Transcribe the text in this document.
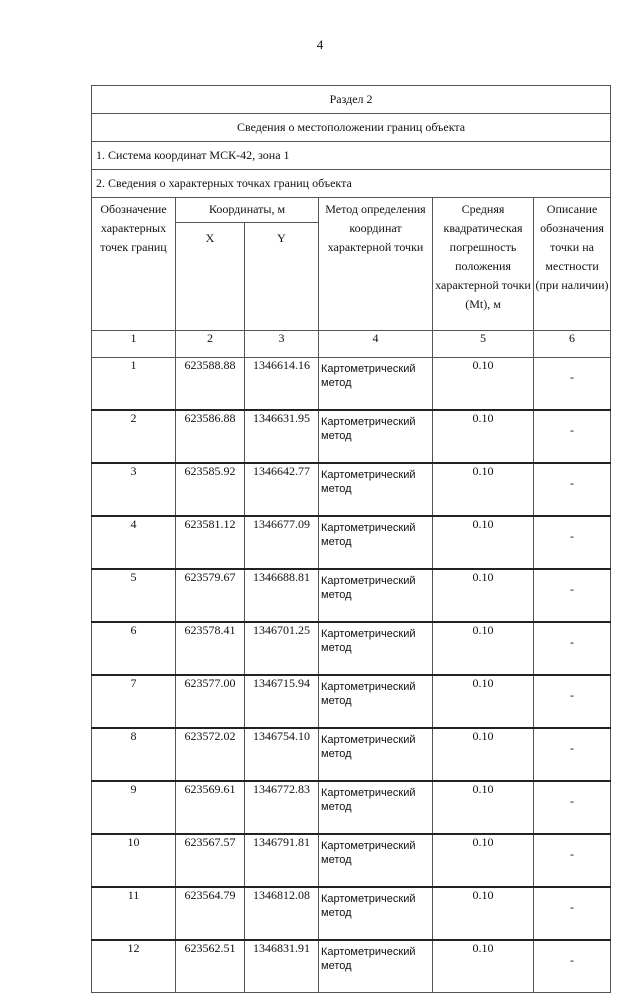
4
Раздел 2					
Сведения о местоположении границ объекта					
1. Система координат МСК-42, зона 1					
2. Сведения о характерных точках границ объекта					
Обозначение характерных точек границ	Координаты, м		Метод определения координат характерной точки	Средняя квадратическая погрешность положения характерной точки (Mt), м	Описание обозначения точки на местности (при наличии)
	X	Y			
1	2	3	4	5	6
1	623588.88	1346614.16	Картометрический метод	0.10	-
2	623586.88	1346631.95	Картометрический метод	0.10	-
3	623585.92	1346642.77	Картометрический метод	0.10	-
4	623581.12	1346677.09	Картометрический метод	0.10	-
5	623579.67	1346688.81	Картометрический метод	0.10	-
6	623578.41	1346701.25	Картометрический метод	0.10	-
7	623577.00	1346715.94	Картометрический метод	0.10	-
8	623572.02	1346754.10	Картометрический метод	0.10	-
9	623569.61	1346772.83	Картометрический метод	0.10	-
10	623567.57	1346791.81	Картометрический метод	0.10	-
11	623564.79	1346812.08	Картометрический метод	0.10	-
12	623562.51	1346831.91	Картометрический метод	0.10	-
